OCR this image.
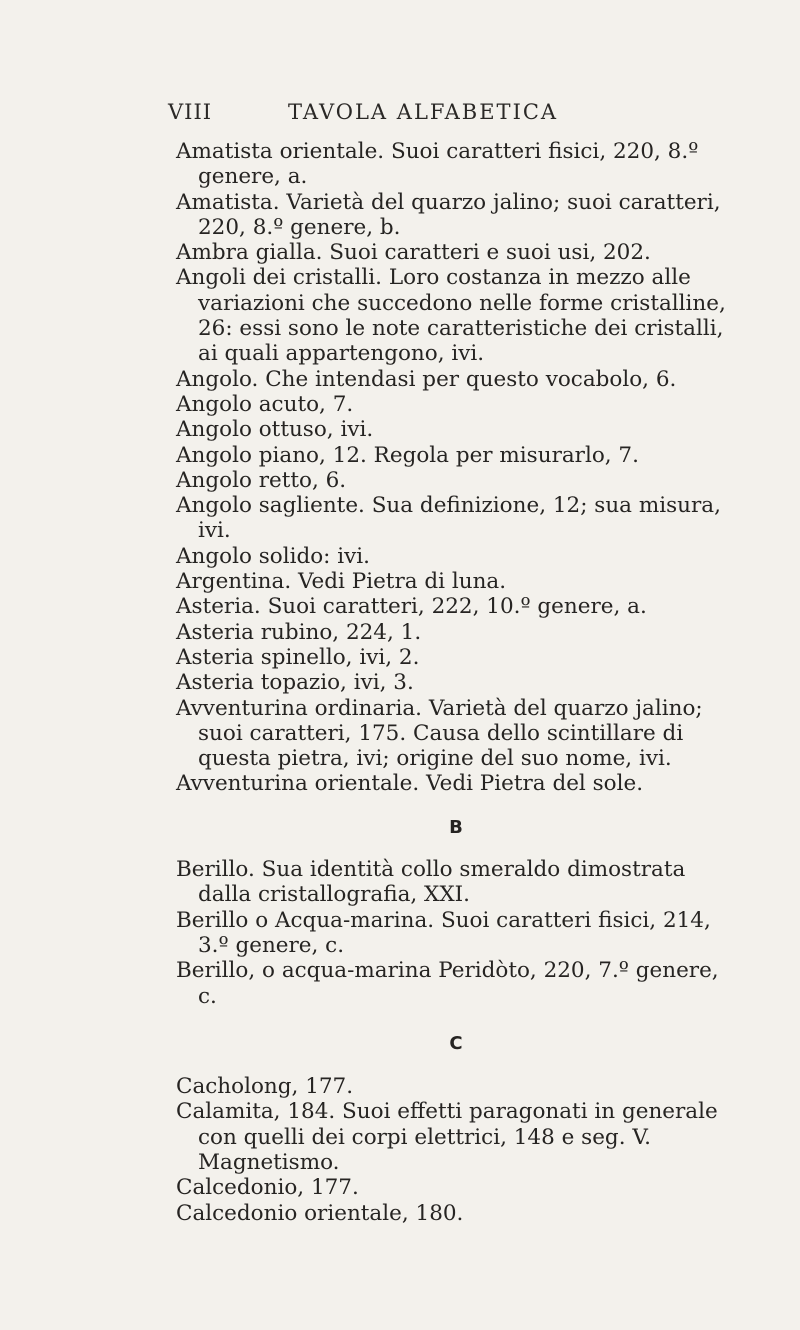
VIII	TAVOLA ALFABETICA

Amatista orientale. Suoi caratteri fisici, 220, 8.º genere, a.

Amatista. Varietà del quarzo jalino; suoi caratteri, 220, 8.º genere, b.

Ambra gialla. Suoi caratteri e suoi usi, 202.

Angoli dei cristalli. Loro costanza in mezzo alle variazioni che succedono nelle forme cristalline, 26: essi sono le note caratteristiche dei cristalli, ai quali appartengono, ivi.

Angolo. Che intendasi per questo vocabolo, 6.

Angolo acuto, 7.

Angolo ottuso, ivi.

Angolo piano, 12. Regola per misurarlo, 7.

Angolo retto, 6.

Angolo sagliente. Sua definizione, 12; sua misura, ivi.

Angolo solido: ivi.

Argentina. Vedi Pietra di luna.

Asteria. Suoi caratteri, 222, 10.º genere, a.

Asteria rubino, 224, 1.

Asteria spinello, ivi, 2.

Asteria topazio, ivi, 3.

Avventurina ordinaria. Varietà del quarzo jalino; suoi caratteri, 175. Causa dello scintillare di questa pietra, ivi; origine del suo nome, ivi.

Avventurina orientale. Vedi Pietra del sole.

B

Berillo. Sua identità collo smeraldo dimostrata dalla cristallografia, XXI.

Berillo o Acqua-marina. Suoi caratteri fisici, 214, 3.º genere, c.

Berillo, o acqua-marina Peridòto, 220, 7.º genere, c.

C

Cacholong, 177.

Calamita, 184. Suoi effetti paragonati in generale con quelli dei corpi elettrici, 148 e seg. V. Magnetismo.

Calcedonio, 177.

Calcedonio orientale, 180.
